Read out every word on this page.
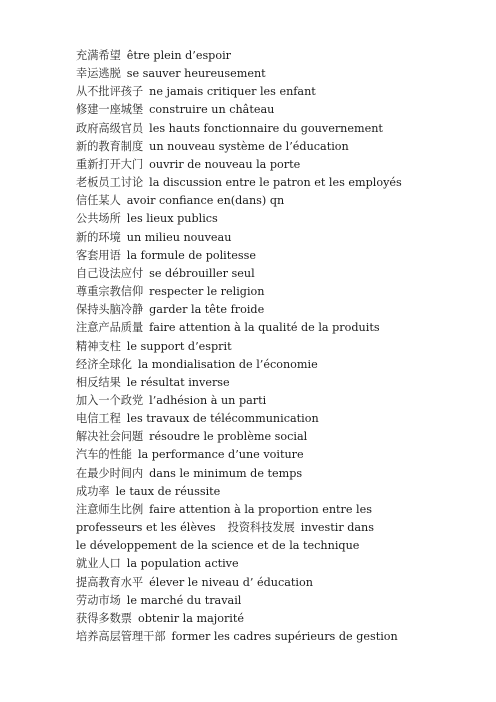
充满希望 être plein d’espoir
幸运逃脱 se sauver heureusement
从不批评孩子 ne jamais critiquer les enfant
修建一座城堡 construire un château
政府高级官员 les hauts fonctionnaire du gouvernement
新的教育制度 un nouveau système de l’éducation
重新打开大门 ouvrir de nouveau la porte
老板员工讨论 la discussion entre le patron et les employés
信任某人 avoir confiance en(dans) qn
公共场所 les lieux publics
新的环境 un milieu nouveau
客套用语 la formule de politesse
自己设法应付 se débrouiller seul
尊重宗教信仰 respecter le religion
保持头脑冷静 garder la tête froide
注意产品质量 faire attention à la qualité de la produits
精神支柱 le support d’esprit
经济全球化 la mondialisation de l’économie
相反结果 le résultat inverse
加入一个政党 l’adhésion à un parti
电信工程 les travaux de télécommunication
解决社会问题 résoudre le problème social
汽车的性能 la performance d’une voiture
在最少时间内 dans le minimum de temps
成功率 le taux de réussite
注意师生比例 faire attention à la proportion entre les
professeurs et les élèves 投资科技发展 investir dans
le développement de la science et de la technique
就业人口 la population active
提高教育水平 élever le niveau d’ éducation
劳动市场 le marché du travail
获得多数票 obtenir la majorité
培养高层管理干部 former les cadres supérieurs de gestion
